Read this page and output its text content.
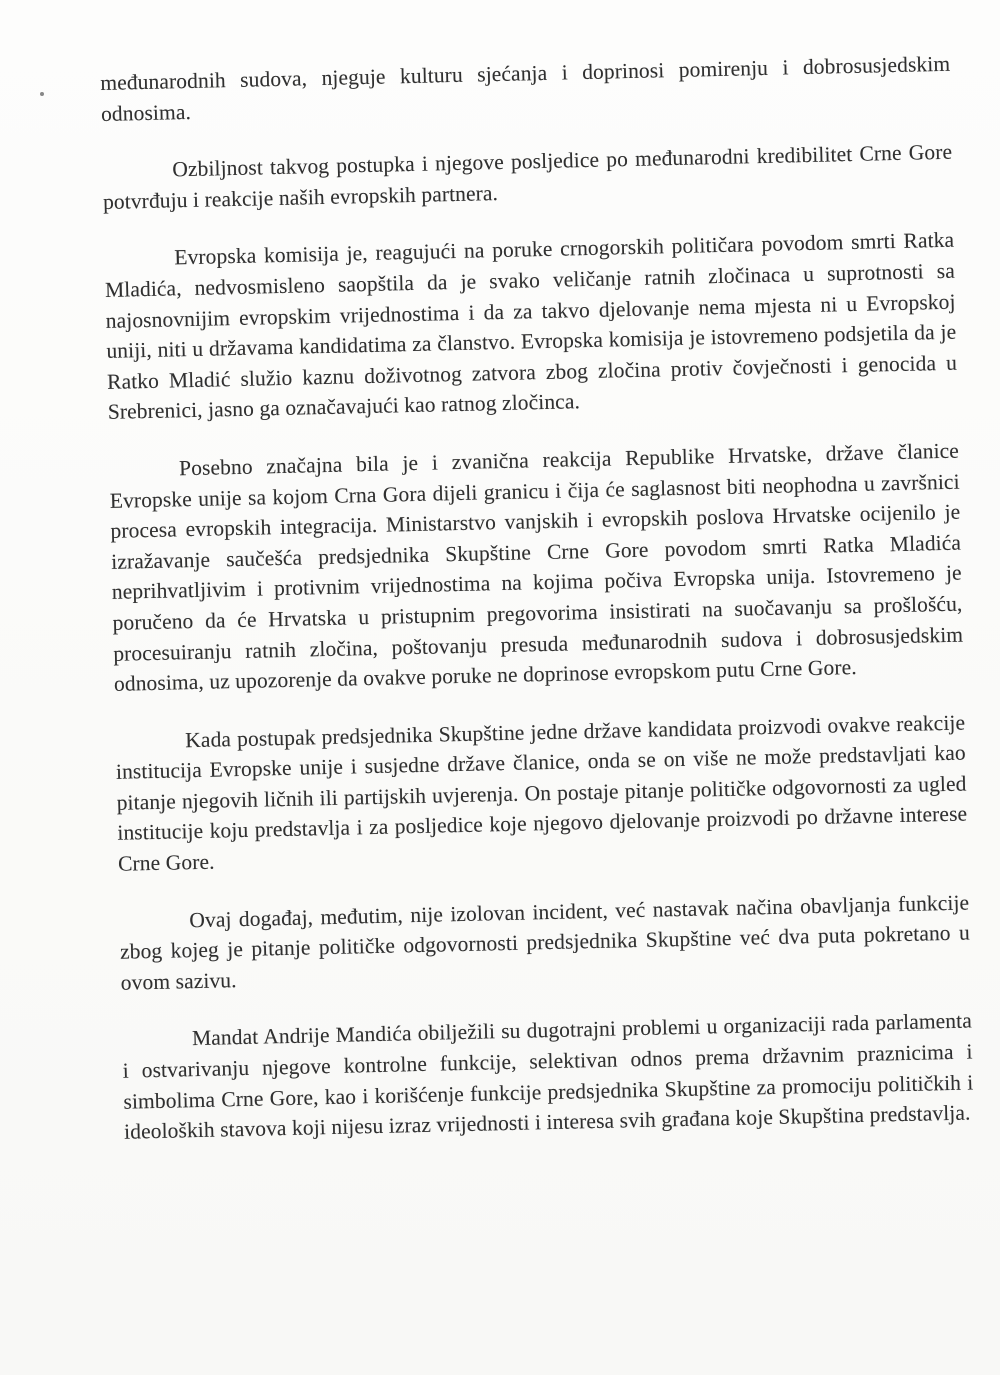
međunarodnih sudova, njeguje kulturu sjećanja i doprinosi pomirenju i dobrosusjedskim odnosima.

Ozbiljnost takvog postupka i njegove posljedice po međunarodni kredibilitet Crne Gore potvrđuju i reakcije naših evropskih partnera.

Evropska komisija je, reagujući na poruke crnogorskih političara povodom smrti Ratka Mladića, nedvosmisleno saopštila da je svako veličanje ratnih zločinaca u suprotnosti sa najosnovnijim evropskim vrijednostima i da za takvo djelovanje nema mjesta ni u Evropskoj uniji, niti u državama kandidatima za članstvo. Evropska komisija je istovremeno podsjetila da je Ratko Mladić služio kaznu doživotnog zatvora zbog zločina protiv čovječnosti i genocida u Srebrenici, jasno ga označavajući kao ratnog zločinca.

Posebno značajna bila je i zvanična reakcija Republike Hrvatske, države članice Evropske unije sa kojom Crna Gora dijeli granicu i čija će saglasnost biti neophodna u završnici procesa evropskih integracija. Ministarstvo vanjskih i evropskih poslova Hrvatske ocijenilo je izražavanje saučešća predsjednika Skupštine Crne Gore povodom smrti Ratka Mladića neprihvatljivim i protivnim vrijednostima na kojima počiva Evropska unija. Istovremeno je poručeno da će Hrvatska u pristupnim pregovorima insistirati na suočavanju sa prošlošću, procesuiranju ratnih zločina, poštovanju presuda međunarodnih sudova i dobrosusjedskim odnosima, uz upozorenje da ovakve poruke ne doprinose evropskom putu Crne Gore.

Kada postupak predsjednika Skupštine jedne države kandidata proizvodi ovakve reakcije institucija Evropske unije i susjedne države članice, onda se on više ne može predstavljati kao pitanje njegovih ličnih ili partijskih uvjerenja. On postaje pitanje političke odgovornosti za ugled institucije koju predstavlja i za posljedice koje njegovo djelovanje proizvodi po državne interese Crne Gore.

Ovaj događaj, međutim, nije izolovan incident, već nastavak načina obavljanja funkcije zbog kojeg je pitanje političke odgovornosti predsjednika Skupštine već dva puta pokretano u ovom sazivu.

Mandat Andrije Mandića obilježili su dugotrajni problemi u organizaciji rada parlamenta i ostvarivanju njegove kontrolne funkcije, selektivan odnos prema državnim praznicima i simbolima Crne Gore, kao i korišćenje funkcije predsjednika Skupštine za promociju političkih i ideoloških stavova koji nijesu izraz vrijednosti i interesa svih građana koje Skupština predstavlja.
